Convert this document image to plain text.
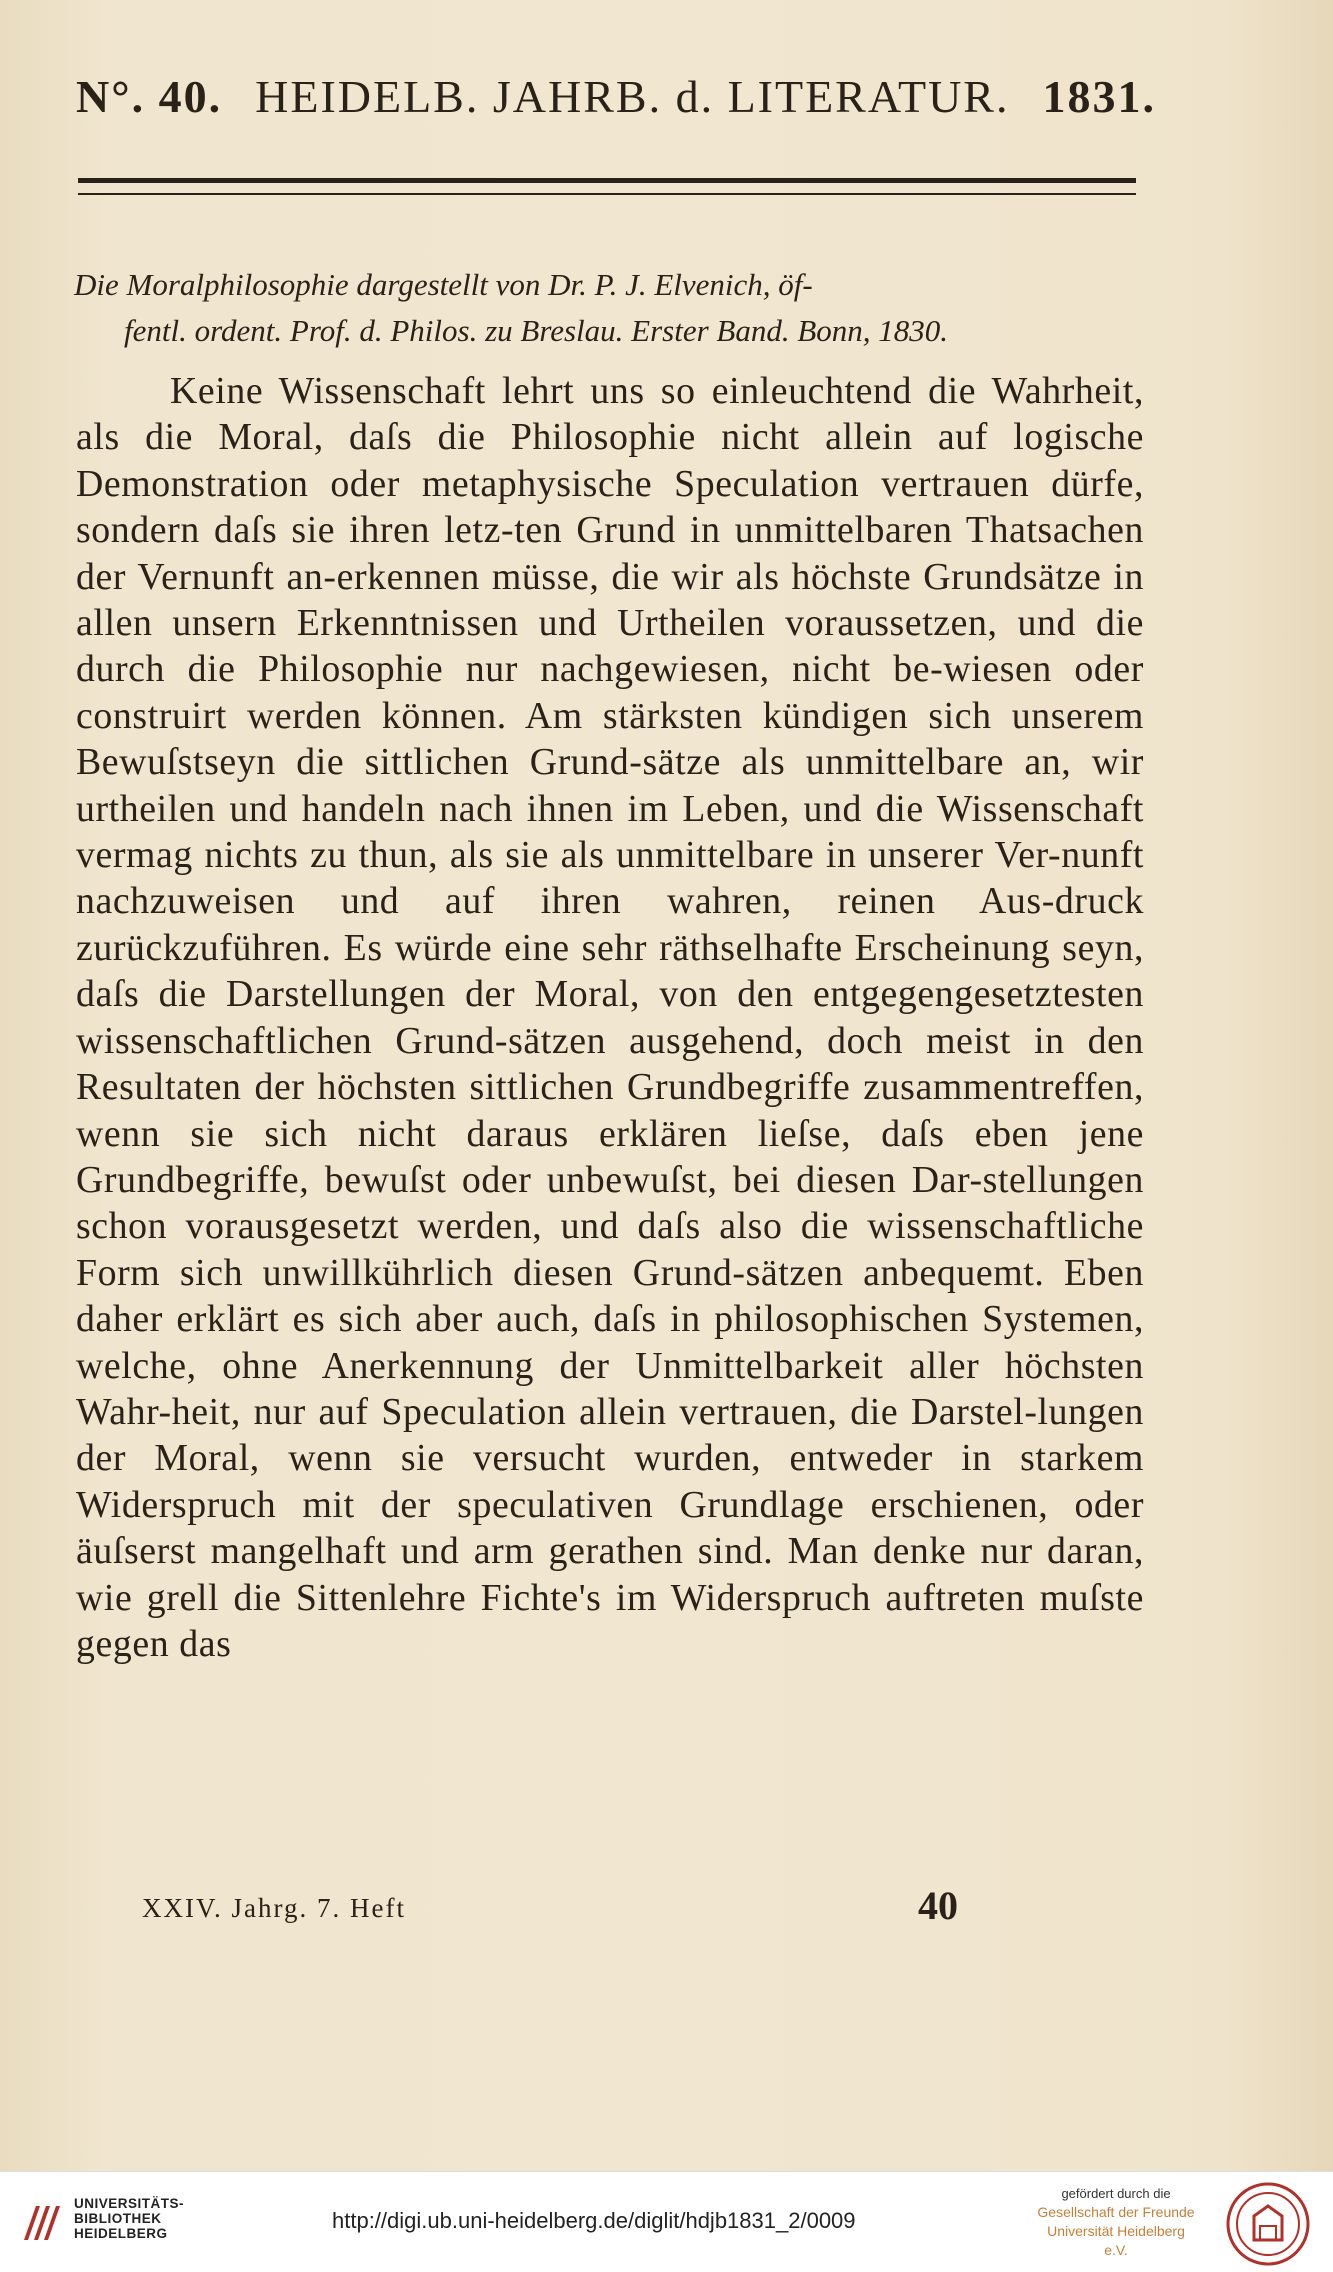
N°. 40. HEIDELB. JAHRB. d. LITERATUR. 1831.
Die Moralphilosophie dargestellt von Dr. P. J. Elvenich, öf-
fentl. ordent. Prof. d. Philos. zu Breslau. Erster Band. Bonn, 1830.
Keine Wissenschaft lehrt uns so einleuchtend die Wahrheit, als die Moral, daſs die Philosophie nicht allein auf logische Demonstration oder metaphysische Speculation vertrauen dürfe, sondern daſs sie ihren letz-ten Grund in unmittelbaren Thatsachen der Vernunft an-erkennen müsse, die wir als höchste Grundsätze in allen unsern Erkenntnissen und Urtheilen voraussetzen, und die durch die Philosophie nur nachgewiesen, nicht be-wiesen oder construirt werden können. Am stärksten kündigen sich unserem Bewuſstseyn die sittlichen Grund-sätze als unmittelbare an, wir urtheilen und handeln nach ihnen im Leben, und die Wissenschaft vermag nichts zu thun, als sie als unmittelbare in unserer Ver-nunft nachzuweisen und auf ihren wahren, reinen Aus-druck zurückzuführen. Es würde eine sehr räthselhafte Erscheinung seyn, daſs die Darstellungen der Moral, von den entgegengesetztesten wissenschaftlichen Grund-sätzen ausgehend, doch meist in den Resultaten der höchsten sittlichen Grundbegriffe zusammentreffen, wenn sie sich nicht daraus erklären lieſse, daſs eben jene Grundbegriffe, bewuſst oder unbewuſst, bei diesen Dar-stellungen schon vorausgesetzt werden, und daſs also die wissenschaftliche Form sich unwillkührlich diesen Grund-sätzen anbequemt. Eben daher erklärt es sich aber auch, daſs in philosophischen Systemen, welche, ohne Anerkennung der Unmittelbarkeit aller höchsten Wahr-heit, nur auf Speculation allein vertrauen, die Darstel-lungen der Moral, wenn sie versucht wurden, entweder in starkem Widerspruch mit der speculativen Grundlage erschienen, oder äuſserst mangelhaft und arm gerathen sind. Man denke nur daran, wie grell die Sittenlehre Fichte's im Widerspruch auftreten muſste gegen das
XXIV. Jahrg. 7. Heft	40
UNIVERSITÄTS-
BIBLIOTHEK
HEIDELBERG
http://digi.ub.uni-heidelberg.de/diglit/hdjb1831_2/0009
gefördert durch die
Gesellschaft der Freunde
Universität Heidelberg e.V.
